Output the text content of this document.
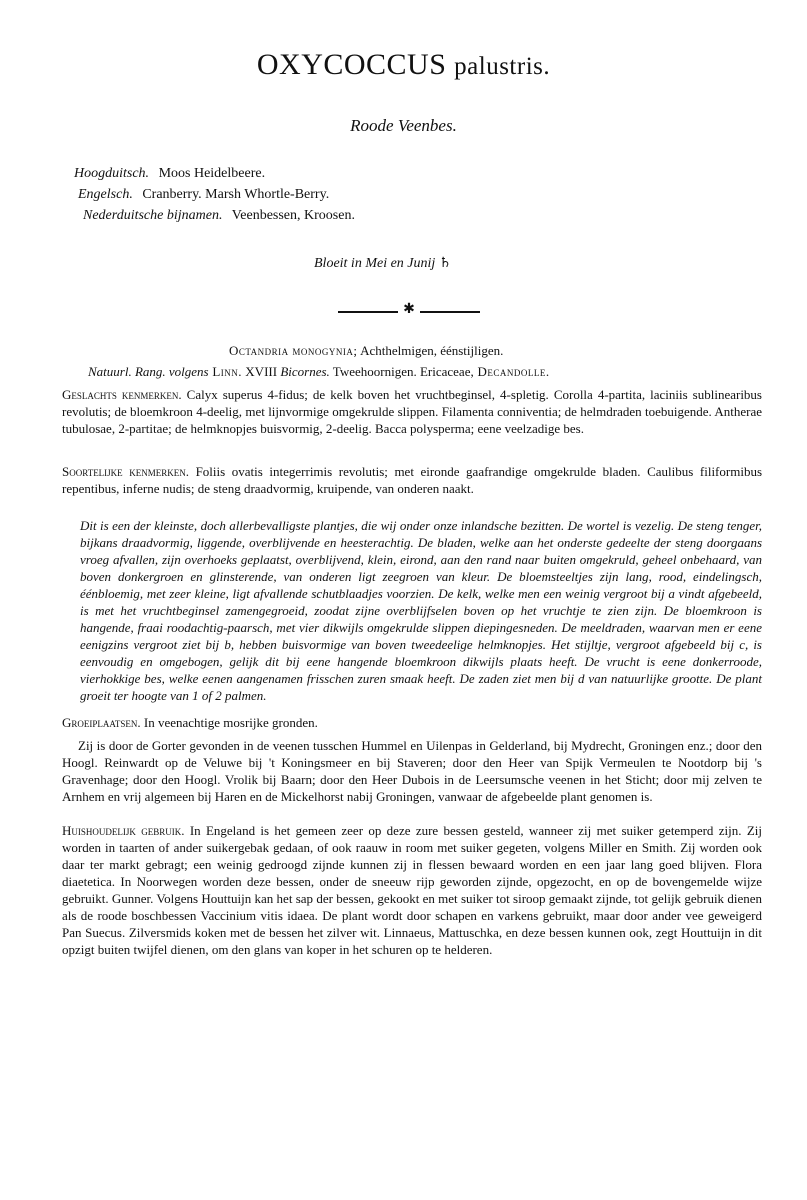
OXYCOCCUS palustris.
Roode Veenbes.
Hoogduitsch. Moos Heidelbeere.
Engelsch. Cranberry. Marsh Whortle-Berry.
Nederduitsche bijnamen. Veenbessen, Kroosen.
Bloeit in Mei en Junij ♄
✱
Octandria monogynia; Achthelmigen, éénstijligen.
Natuurl. Rang. volgens Linn. XVIII Bicornes. Tweehoornigen. Ericaceae, Decandolle.

Geslachts kenmerken. Calyx superus 4-fidus; de kelk boven het vruchtbeginsel, 4-spletig. Corolla 4-partita, laciniis sublinearibus revolutis; de bloemkroon 4-deelig, met lijnvormige omgekrulde slippen. Filamenta conniventia; de helmdraden toebuigende. Antherae tubulosae, 2-partitae; de helmknopjes buisvormig, 2-deelig. Bacca polysperma; eene veelzadige bes.

Soortelijke kenmerken. Foliis ovatis integerrimis revolutis; met eironde gaafrandige omgekrulde bladen. Caulibus filiformibus repentibus, inferne nudis; de steng draadvormig, kruipende, van onderen naakt.

Dit is een der kleinste, doch allerbevalligste plantjes, die wij onder onze inlandsche bezitten. De wortel is vezelig. De steng tenger, bijkans draadvormig, liggende, overblijvende en heesterachtig. De bladen, welke aan het onderste gedeelte der steng doorgaans vroeg afvallen, zijn overhoeks geplaatst, overblijvend, klein, eirond, aan den rand naar buiten omgekruld, geheel onbehaard, van boven donkergroen en glinsterende, van onderen ligt zeegroen van kleur. De bloemsteeltjes zijn lang, rood, eindelingsch, éénbloemig, met zeer kleine, ligt afvallende schutblaadjes voorzien. De kelk, welke men een weinig vergroot bij a vindt afgebeeld, is met het vruchtbeginsel zamengegroeid, zoodat zijne overblijfselen boven op het vruchtje te zien zijn. De bloemkroon is hangende, fraai roodachtig-paarsch, met vier dikwijls omgekrulde slippen diepingesneden. De meeldraden, waarvan men er eene eenigzins vergroot ziet bij b, hebben buisvormige van boven tweedeelige helmknopjes. Het stijltje, vergroot afgebeeld bij c, is eenvoudig en omgebogen, gelijk dit bij eene hangende bloemkroon dikwijls plaats heeft. De vrucht is eene donkerroode, vierhokkige bes, welke eenen aangenamen frisschen zuren smaak heeft. De zaden ziet men bij d van natuurlijke grootte. De plant groeit ter hoogte van 1 of 2 palmen.
Groeiplaatsen. In veenachtige mosrijke gronden.
Zij is door de Gorter gevonden in de veenen tusschen Hummel en Uilenpas in Gelderland, bij Mydrecht, Groningen enz.; door den Hoogl. Reinwardt op de Veluwe bij 't Koningsmeer en bij Staveren; door den Heer van Spijk Vermeulen te Nootdorp bij 's Gravenhage; door den Hoogl. Vrolik bij Baarn; door den Heer Dubois in de Leersumsche veenen in het Sticht; door mij zelven te Arnhem en vrij algemeen bij Haren en de Mickelhorst nabij Groningen, vanwaar de afgebeelde plant genomen is.

Huishoudelijk gebruik. In Engeland is het gemeen zeer op deze zure bessen gesteld, wanneer zij met suiker getemperd zijn. Zij worden in taarten of ander suikergebak gedaan, of ook raauw in room met suiker gegeten, volgens Miller en Smith. Zij worden ook daar ter markt gebragt; een weinig gedroogd zijnde kunnen zij in flessen bewaard worden en een jaar lang goed blijven. Flora diaetetica. In Noorwegen worden deze bessen, onder de sneeuw rijp geworden zijnde, opgezocht, en op de bovengemelde wijze gebruikt. Gunner. Volgens Houttuijn kan het sap der bessen, gekookt en met suiker tot siroop gemaakt zijnde, tot gelijk gebruik dienen als de roode boschbessen Vaccinium vitis idaea. De plant wordt door schapen en varkens gebruikt, maar door ander vee geweigerd Pan Suecus. Zilversmids koken met de bessen het zilver wit. Linnaeus, Mattuschka, en deze bessen kunnen ook, zegt Houttuijn in dit opzigt buiten twijfel dienen, om den glans van koper in het schuren op te helderen.
